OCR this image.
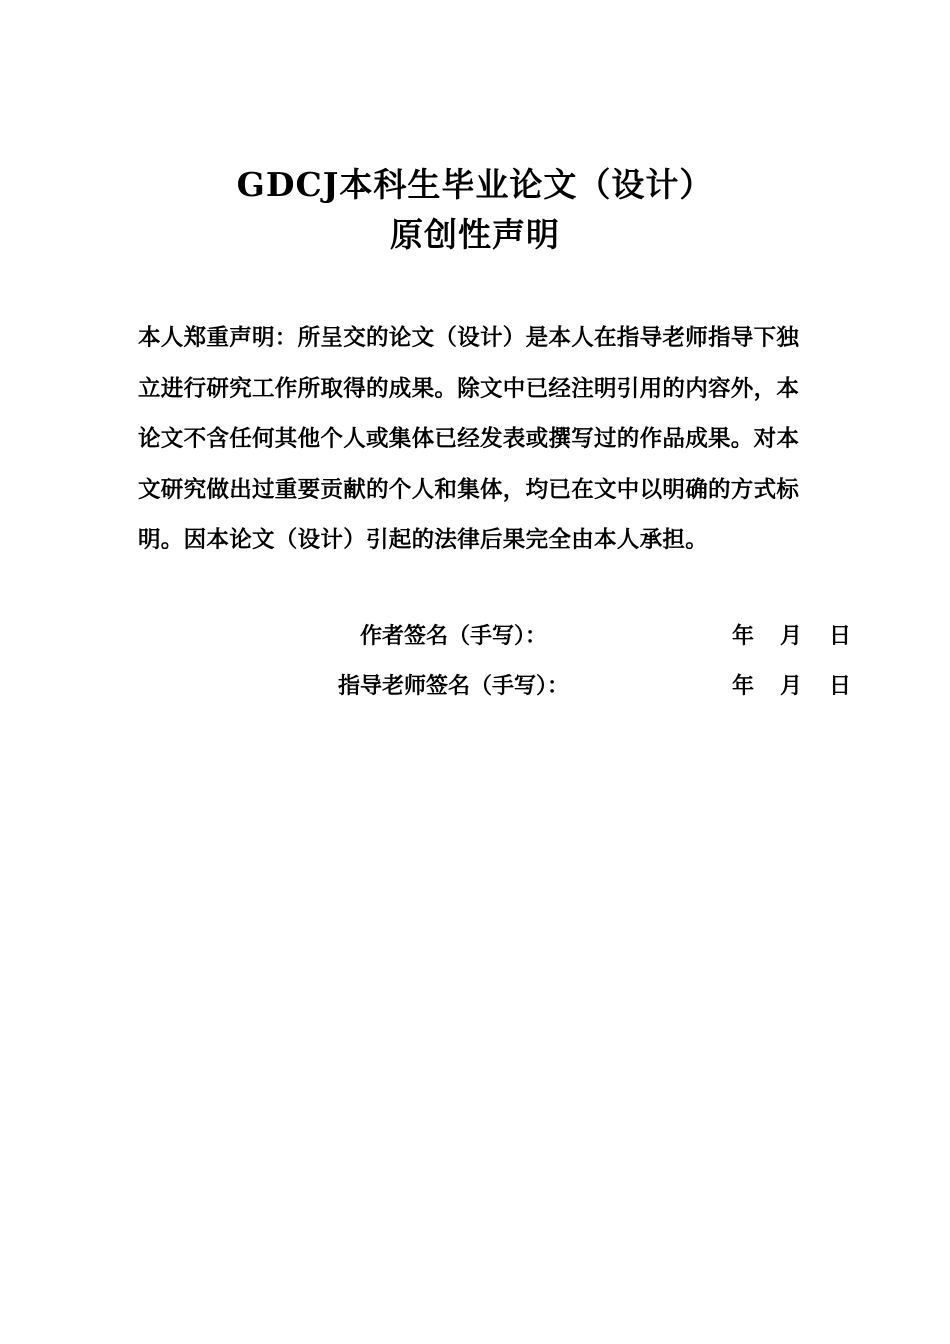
GDCJ本科生毕业论文（设计）
原创性声明
本人郑重声明：所呈交的论文（设计）是本人在指导老师指导下独
立进行研究工作所取得的成果。除文中已经注明引用的内容外，本
论文不含任何其他个人或集体已经发表或撰写过的作品成果。对本
文研究做出过重要贡献的个人和集体，均已在文中以明确的方式标
明。因本论文（设计）引起的法律后果完全由本人承担。
作者签名（手写）：	年 月 日
指导老师签名（手写）：	年 月 日
